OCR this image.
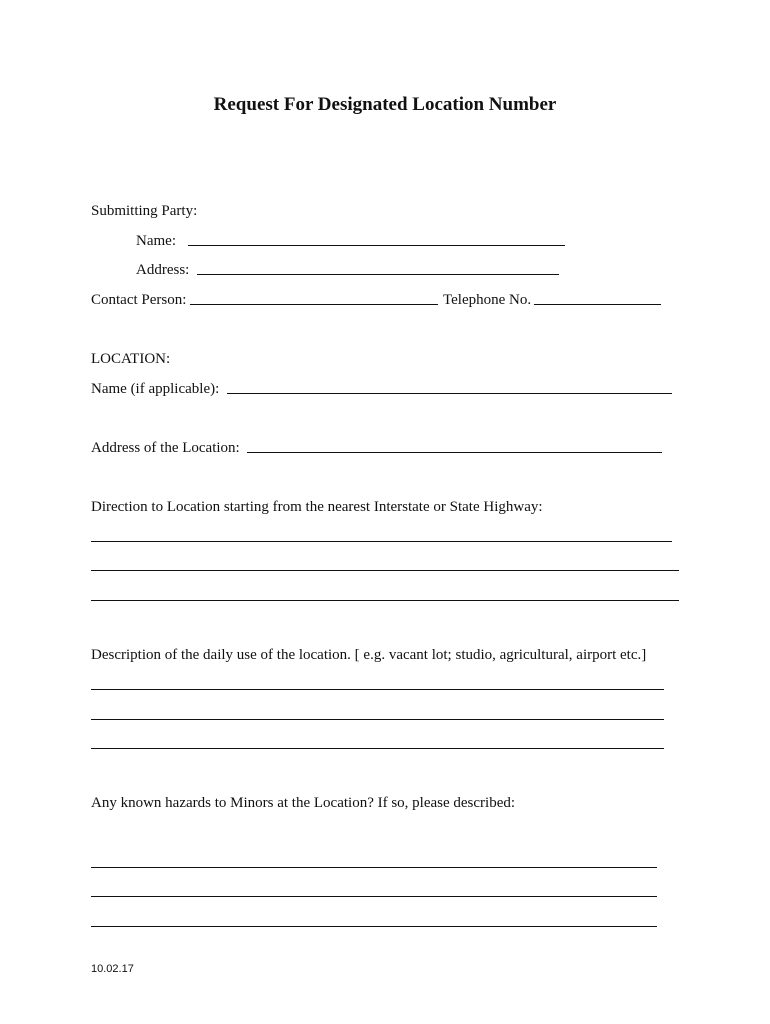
Request For Designated Location Number
Submitting Party:
Name:
Address:
Contact Person:	Telephone No.
LOCATION:
Name (if applicable):
Address of the Location:
Direction to Location starting from the nearest Interstate or State Highway:
Description of the daily use of the location. [ e.g. vacant lot; studio, agricultural, airport etc.]
Any known hazards to Minors at the Location? If so, please described:
10.02.17
